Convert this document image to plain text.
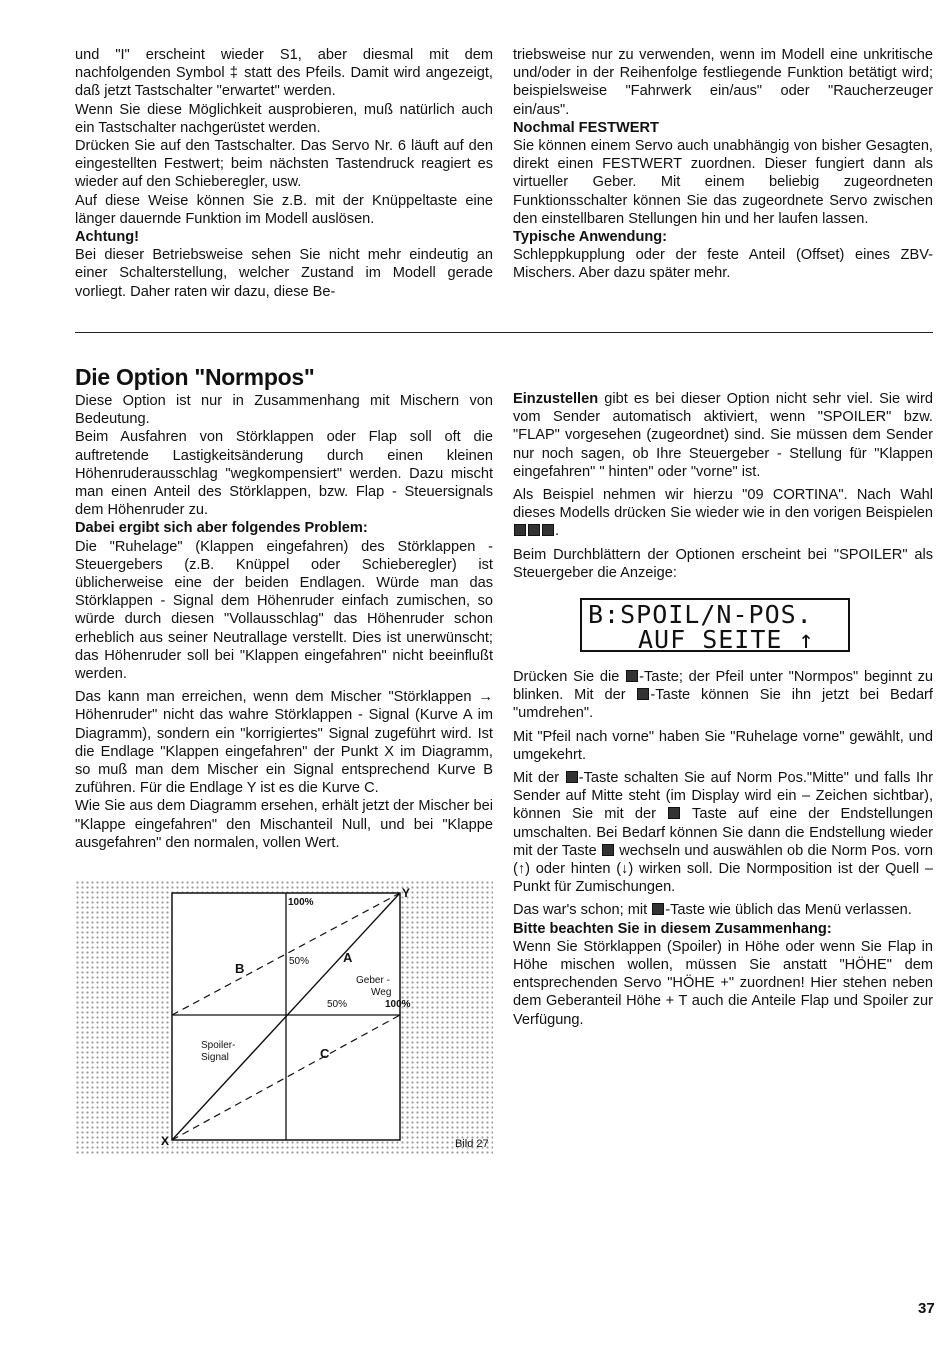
und "I" erscheint wieder S1, aber diesmal mit dem nachfolgenden Symbol ‡ statt des Pfeils. Damit wird angezeigt, daß jetzt Tastschalter "erwartet" werden.

Wenn Sie diese Möglichkeit ausprobieren, muß natürlich auch ein Tastschalter nachgerüstet werden.

Drücken Sie auf den Tastschalter. Das Servo Nr. 6 läuft auf den eingestellten Festwert; beim nächsten Tastendruck reagiert es wieder auf den Schieberegler, usw.

Auf diese Weise können Sie z.B. mit der Knüppeltaste eine länger dauernde Funktion im Modell auslösen.

Achtung!

Bei dieser Betriebsweise sehen Sie nicht mehr eindeutig an einer Schalterstellung, welcher Zustand im Modell gerade vorliegt. Daher raten wir dazu, diese Be-

triebsweise nur zu verwenden, wenn im Modell eine unkritische und/oder in der Reihenfolge festliegende Funktion betätigt wird; beispielsweise "Fahrwerk ein/aus" oder "Raucherzeuger ein/aus".

Nochmal FESTWERT

Sie können einem Servo auch unabhängig von bisher Gesagten, direkt einen FESTWERT zuordnen. Dieser fungiert dann als virtueller Geber. Mit einem beliebig zugeordneten Funktionsschalter können Sie das zugeordnete Servo zwischen den einstellbaren Stellungen hin und her laufen lassen.

Typische Anwendung:

Schleppkupplung oder der feste Anteil (Offset) eines ZBV-Mischers. Aber dazu später mehr.

Die Option "Normpos"

Diese Option ist nur in Zusammenhang mit Mischern von Bedeutung.

Beim Ausfahren von Störklappen oder Flap soll oft die auftretende Lastigkeitsänderung durch einen kleinen Höhenruderausschlag "wegkompensiert" werden. Dazu mischt man einen Anteil des Störklappen, bzw. Flap - Steuersignals dem Höhenruder zu.

Dabei ergibt sich aber folgendes Problem:

Die "Ruhelage" (Klappen eingefahren) des Störklappen - Steuergebers (z.B. Knüppel oder Schieberegler) ist üblicherweise eine der beiden Endlagen. Würde man das Störklappen - Signal dem Höhenruder einfach zumischen, so würde durch diesen "Vollausschlag" das Höhenruder schon erheblich aus seiner Neutrallage verstellt. Dies ist unerwünscht; das Höhenruder soll bei "Klappen eingefahren" nicht beeinflußt werden.

Das kann man erreichen, wenn dem Mischer "Störklappen → Höhenruder" nicht das wahre Störklappen - Signal (Kurve A im Diagramm), sondern ein "korrigiertes" Signal zugeführt wird. Ist die Endlage "Klappen eingefahren" der Punkt X im Diagramm, so muß man dem Mischer ein Signal entsprechend Kurve B zuführen. Für die Endlage Y ist es die Kurve C.

Wie Sie aus dem Diagramm ersehen, erhält jetzt der Mischer bei "Klappe eingefahren" den Mischanteil Null, und bei "Klappe ausgefahren" den normalen, vollen Wert.

100%
Y
50%	A
B
Geber -
Weg
50%	100%
Spoiler-
Signal	C
X	Bild 27

Einzustellen gibt es bei dieser Option nicht sehr viel. Sie wird vom Sender automatisch aktiviert, wenn "SPOILER" bzw. "FLAP" vorgesehen (zugeordnet) sind. Sie müssen dem Sender nur noch sagen, ob Ihre Steuergeber - Stellung für "Klappen eingefahren" " hinten" oder "vorne" ist.

Als Beispiel nehmen wir hierzu "09 CORTINA". Nach Wahl dieses Modells drücken Sie wieder wie in den vorigen Beispielen .

Beim Durchblättern der Optionen erscheint bei "SPOILER" als Steuergeber die Anzeige:

B:SPOIL/N-POS.
AUF SEITE ↑

Drücken Sie die -Taste; der Pfeil unter "Normpos" beginnt zu blinken. Mit der -Taste können Sie ihn jetzt bei Bedarf "umdrehen".

Mit "Pfeil nach vorne" haben Sie "Ruhelage vorne" gewählt, und umgekehrt.

Mit der -Taste schalten Sie auf Norm Pos."Mitte" und falls Ihr Sender auf Mitte steht (im Display wird ein – Zeichen sichtbar), können Sie mit der Taste auf eine der Endstellungen umschalten. Bei Bedarf können Sie dann die Endstellung wieder mit der Taste wechseln und auswählen ob die Norm Pos. vorn (↑) oder hinten (↓) wirken soll. Die Normposition ist der Quell – Punkt für Zumischungen.

Das war's schon; mit -Taste wie üblich das Menü verlassen.

Bitte beachten Sie in diesem Zusammenhang:

Wenn Sie Störklappen (Spoiler) in Höhe oder wenn Sie Flap in Höhe mischen wollen, müssen Sie anstatt "HÖHE" dem entsprechenden Servo "HÖHE +" zuordnen! Hier stehen neben dem Geberanteil Höhe + T auch die Anteile Flap und Spoiler zur Verfügung.

37
